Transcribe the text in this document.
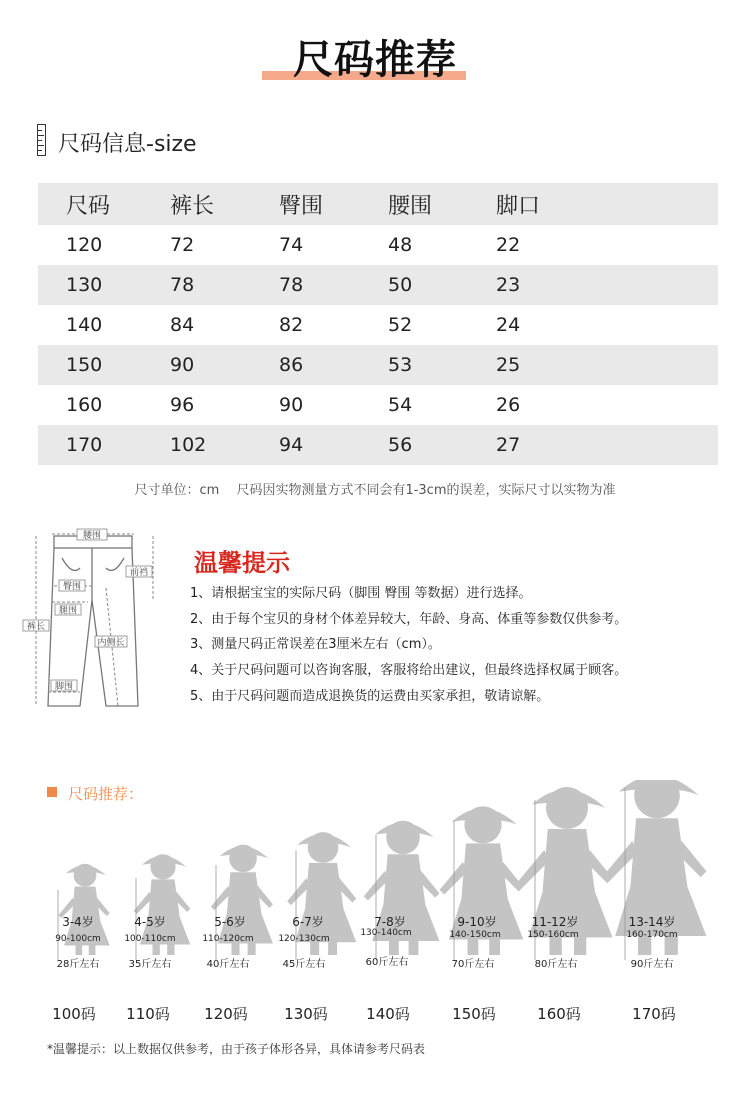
尺码推荐
尺码信息-size
尺码	裤长	臀围	腰围	脚口
120	72	74	48	22
130	78	78	50	23
140	84	82	52	24
150	90	86	53	25
160	96	90	54	26
170	102	94	56	27
尺寸单位：cm　 尺码因实物测量方式不同会有1-3cm的误差，实际尺寸以实物为准
腰围
前裆
臀围
裤长
腿围
内侧长
脚围
温馨提示
1、请根据宝宝的实际尺码（脚围 臀围 等数据）进行选择。
2、由于每个宝贝的身材个体差异较大，年龄、身高、体重等参数仅供参考。
3、测量尺码正常误差在3厘米左右（cm）。
4、关于尺码问题可以咨询客服，客服将给出建议，但最终选择权属于顾客。
5、由于尺码问题而造成退换货的运费由买家承担，敬请谅解。
尺码推荐：
3-4岁
90-100cm
28斤左右
100码
4-5岁
100-110cm
35斤左右
110码
5-6岁
110-120cm
40斤左右
120码
6-7岁
120-130cm
45斤左右
130码
7-8岁
130-140cm
60斤左右
140码
9-10岁
140-150cm
70斤左右
150码
11-12岁
150-160cm
80斤左右
160码
13-14岁
160-170cm
90斤左右
170码
*温馨提示：以上数据仅供参考，由于孩子体形各异，具体请参考尺码表
